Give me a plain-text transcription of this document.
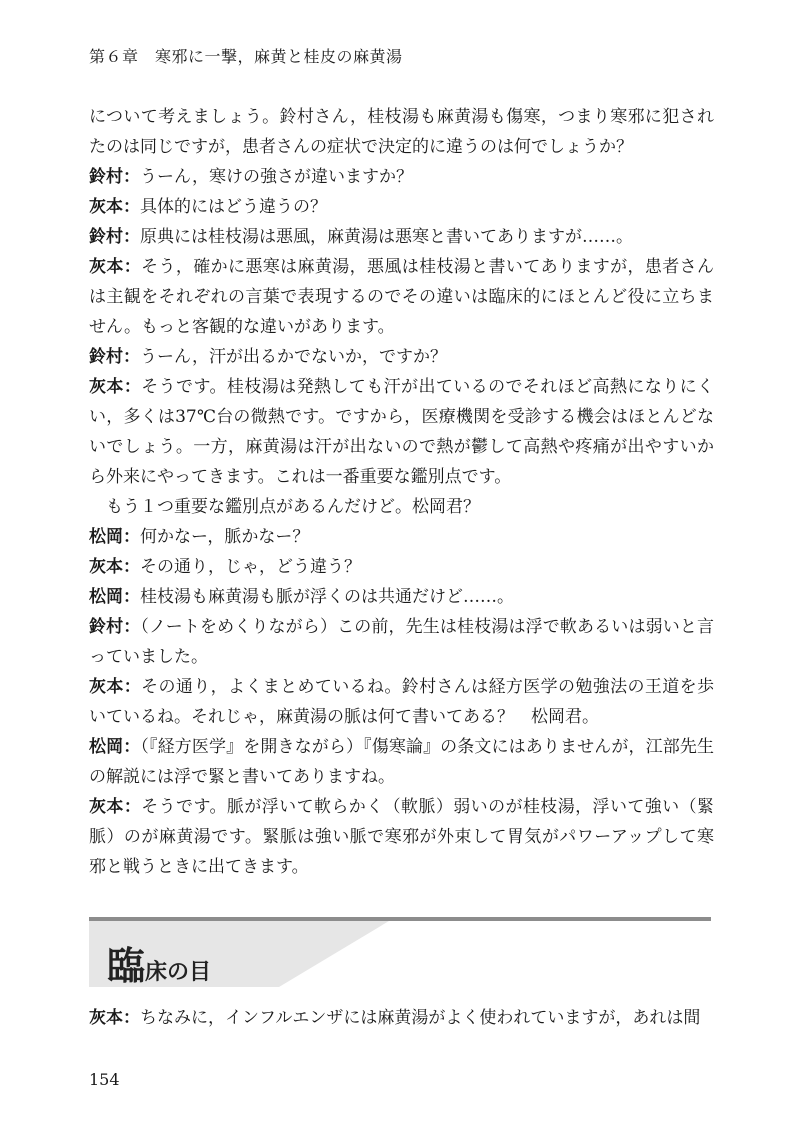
第６章　寒邪に一撃，麻黄と桂皮の麻黄湯

について考えましょう。鈴村さん，桂枝湯も麻黄湯も傷寒，つまり寒邪に犯されたのは同じですが，患者さんの症状で決定的に違うのは何でしょうか？

鈴村：うーん，寒けの強さが違いますか？

灰本：具体的にはどう違うの？

鈴村：原典には桂枝湯は悪風，麻黄湯は悪寒と書いてありますが……。

灰本：そう，確かに悪寒は麻黄湯，悪風は桂枝湯と書いてありますが，患者さんは主観をそれぞれの言葉で表現するのでその違いは臨床的にほとんど役に立ちません。もっと客観的な違いがあります。

鈴村：うーん，汗が出るかでないか，ですか？

灰本：そうです。桂枝湯は発熱しても汗が出ているのでそれほど高熱になりにくい，多くは37℃台の微熱です。ですから，医療機関を受診する機会はほとんどないでしょう。一方，麻黄湯は汗が出ないので熱が鬱して高熱や疼痛が出やすいから外来にやってきます。これは一番重要な鑑別点です。

もう１つ重要な鑑別点があるんだけど。松岡君？

松岡：何かなー，脈かなー？

灰本：その通り，じゃ，どう違う？

松岡：桂枝湯も麻黄湯も脈が浮くのは共通だけど……。

鈴村：（ノートをめくりながら）この前，先生は桂枝湯は浮で軟あるいは弱いと言っていました。

灰本：その通り，よくまとめているね。鈴村さんは経方医学の勉強法の王道を歩いているね。それじゃ，麻黄湯の脈は何て書いてある？　松岡君。

松岡：（『経方医学』を開きながら）『傷寒論』の条文にはありませんが，江部先生の解説には浮で緊と書いてありますね。

灰本：そうです。脈が浮いて軟らかく（軟脈）弱いのが桂枝湯，浮いて強い（緊脈）のが麻黄湯です。緊脈は強い脈で寒邪が外束して胃気がパワーアップして寒邪と戦うときに出てきます。

臨床の目

灰本：ちなみに，インフルエンザには麻黄湯がよく使われていますが，あれは間

154
